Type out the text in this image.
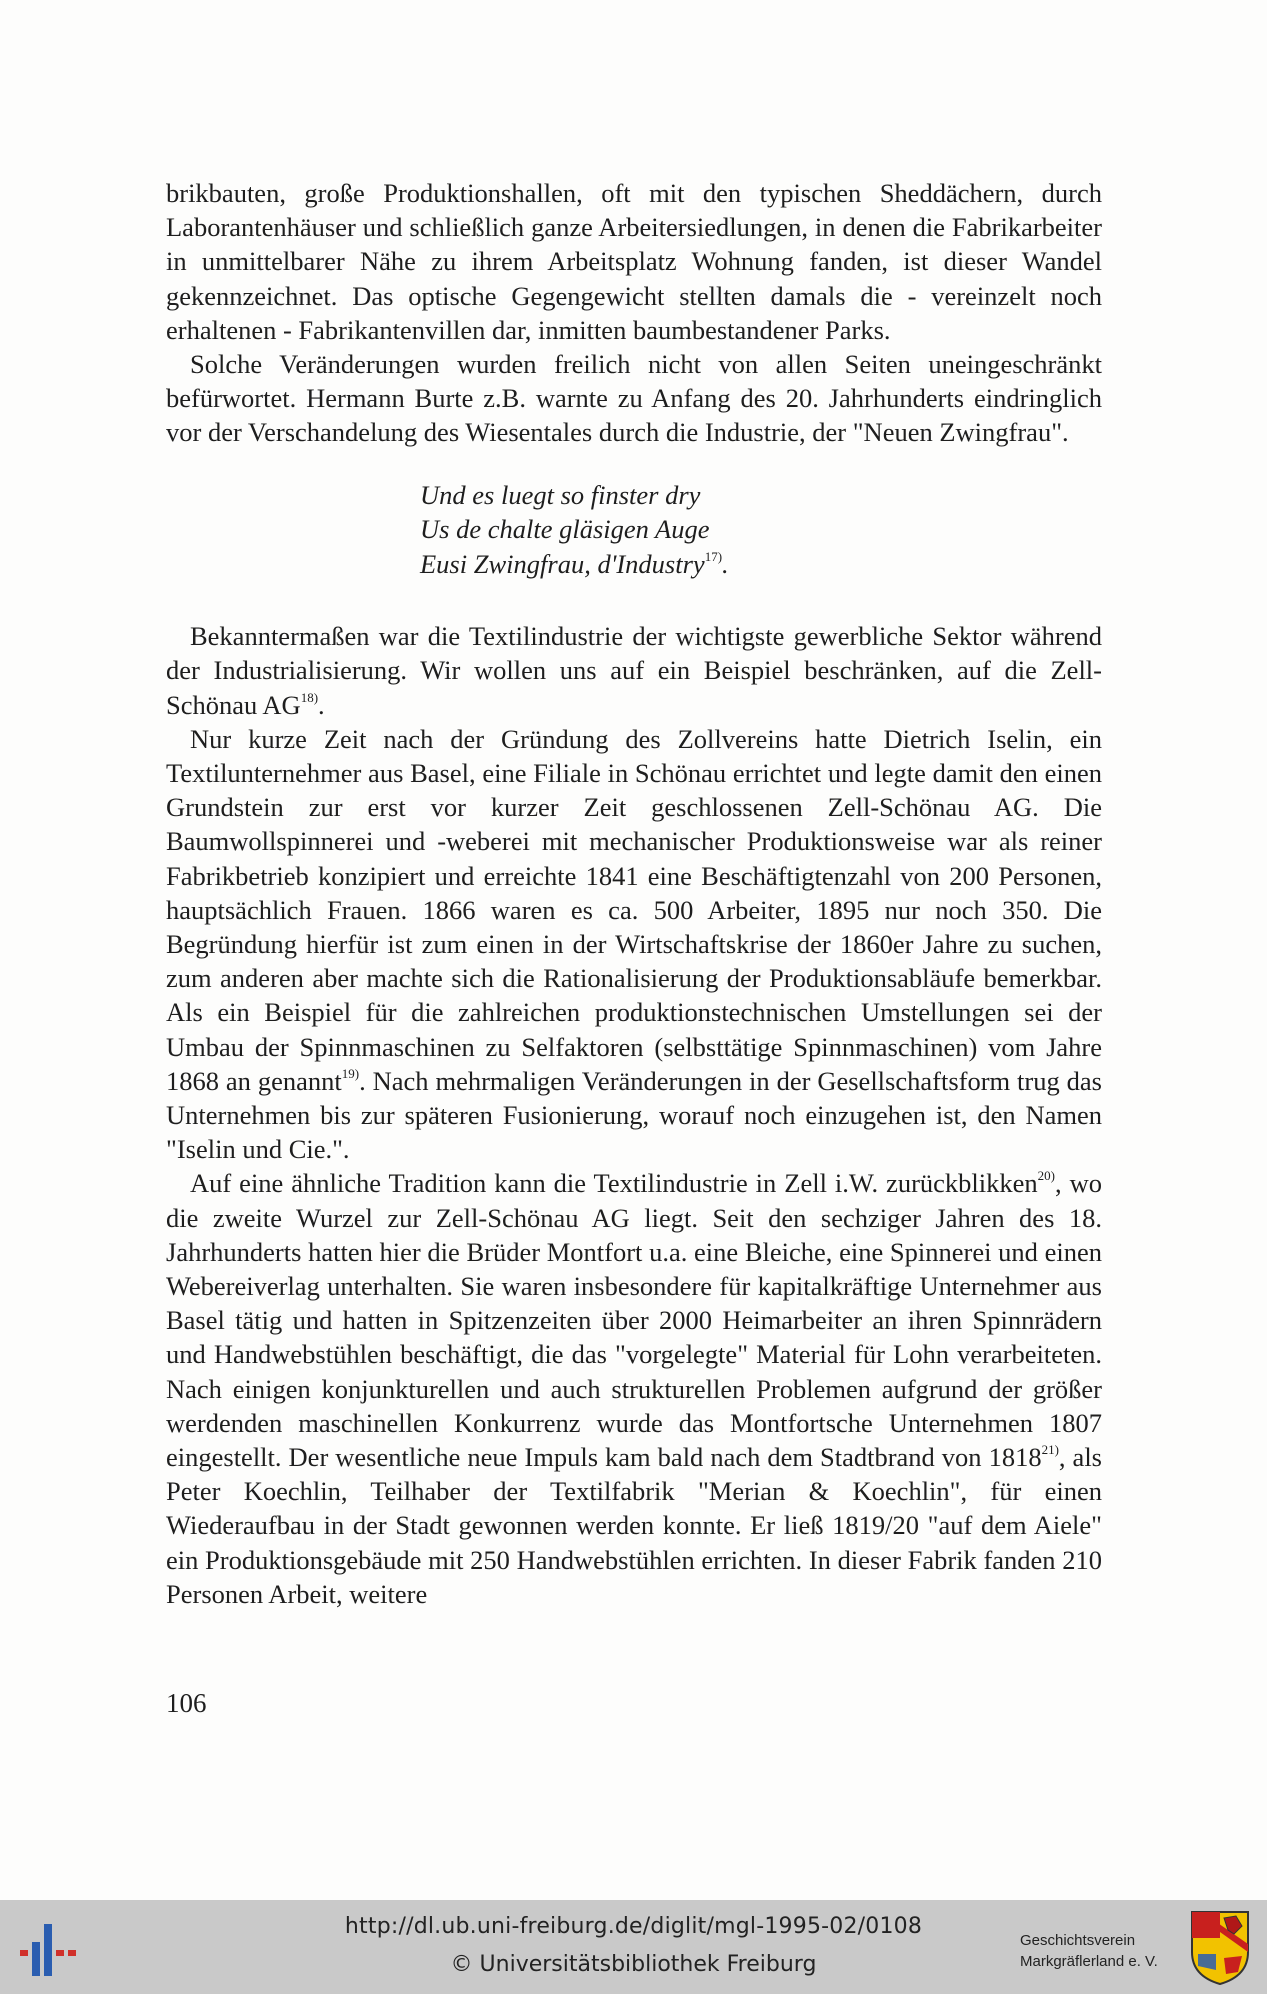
brikbauten, große Produktionshallen, oft mit den typischen Sheddächern, durch Laborantenhäuser und schließlich ganze Arbeitersiedlungen, in denen die Fabrikarbeiter in unmittelbarer Nähe zu ihrem Arbeitsplatz Wohnung fanden, ist dieser Wandel gekennzeichnet. Das optische Gegengewicht stellten damals die - vereinzelt noch erhaltenen - Fabrikantenvillen dar, inmitten baumbestandener Parks.

Solche Veränderungen wurden freilich nicht von allen Seiten uneingeschränkt befürwortet. Hermann Burte z.B. warnte zu Anfang des 20. Jahrhunderts eindringlich vor der Verschandelung des Wiesentales durch die Industrie, der "Neuen Zwingfrau".

Und es luegt so finster dry
Us de chalte gläsigen Auge
Eusi Zwingfrau, d'Industry$^{17)}$.

Bekanntermaßen war die Textilindustrie der wichtigste gewerbliche Sektor während der Industrialisierung. Wir wollen uns auf ein Beispiel beschränken, auf die Zell-Schönau AG$^{18)}$.

Nur kurze Zeit nach der Gründung des Zollvereins hatte Dietrich Iselin, ein Textilunternehmer aus Basel, eine Filiale in Schönau errichtet und legte damit den einen Grundstein zur erst vor kurzer Zeit geschlossenen Zell-Schönau AG. Die Baumwollspinnerei und -weberei mit mechanischer Produktionsweise war als reiner Fabrikbetrieb konzipiert und erreichte 1841 eine Beschäftigtenzahl von 200 Personen, hauptsächlich Frauen. 1866 waren es ca. 500 Arbeiter, 1895 nur noch 350. Die Begründung hierfür ist zum einen in der Wirtschaftskrise der 1860er Jahre zu suchen, zum anderen aber machte sich die Rationalisierung der Produktionsabläufe bemerkbar. Als ein Beispiel für die zahlreichen produktionstechnischen Umstellungen sei der Umbau der Spinnmaschinen zu Selfaktoren (selbsttätige Spinnmaschinen) vom Jahre 1868 an genannt$^{19)}$. Nach mehrmaligen Veränderungen in der Gesellschaftsform trug das Unternehmen bis zur späteren Fusionierung, worauf noch einzugehen ist, den Namen "Iselin und Cie.".

Auf eine ähnliche Tradition kann die Textilindustrie in Zell i.W. zurückblikken$^{20)}$, wo die zweite Wurzel zur Zell-Schönau AG liegt. Seit den sechziger Jahren des 18. Jahrhunderts hatten hier die Brüder Montfort u.a. eine Bleiche, eine Spinnerei und einen Webereiverlag unterhalten. Sie waren insbesondere für kapitalkräftige Unternehmer aus Basel tätig und hatten in Spitzenzeiten über 2000 Heimarbeiter an ihren Spinnrädern und Handwebstühlen beschäftigt, die das "vorgelegte" Material für Lohn verarbeiteten. Nach einigen konjunkturellen und auch strukturellen Problemen aufgrund der größer werdenden maschinellen Konkurrenz wurde das Montfortsche Unternehmen 1807 eingestellt. Der wesentliche neue Impuls kam bald nach dem Stadtbrand von 1818$^{21)}$, als Peter Koechlin, Teilhaber der Textilfabrik "Merian & Koechlin", für einen Wiederaufbau in der Stadt gewonnen werden konnte. Er ließ 1819/20 "auf dem Aiele" ein Produktionsgebäude mit 250 Handwebstühlen errichten. In dieser Fabrik fanden 210 Personen Arbeit, weitere

106
http://dl.ub.uni-freiburg.de/diglit/mgl-1995-02/0108
© Universitätsbibliothek Freiburg
Geschichtsverein
Markgräflerland e. V.
